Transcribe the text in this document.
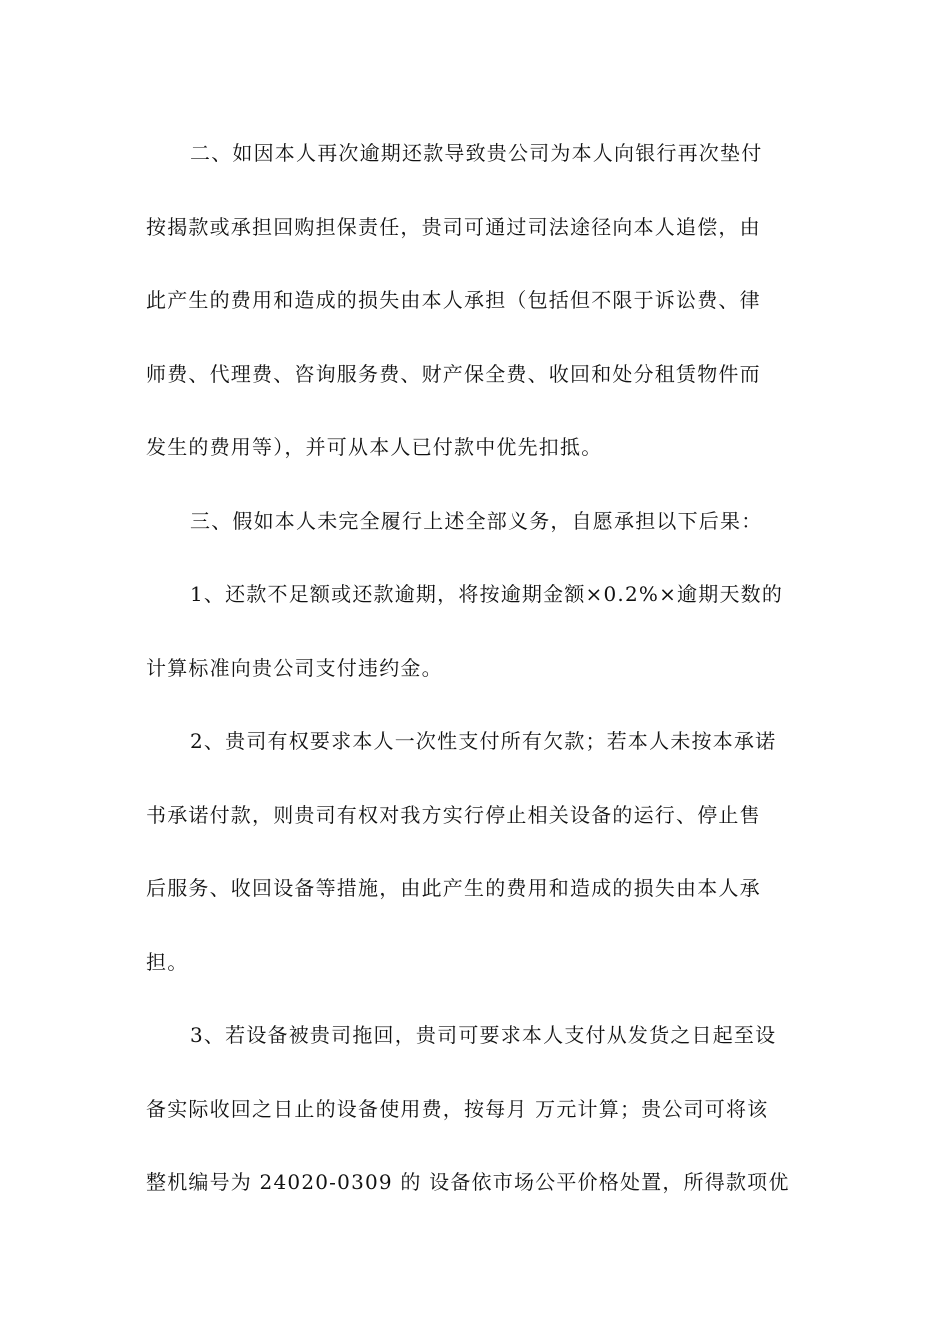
二、如因本人再次逾期还款导致贵公司为本人向银行再次垫付
按揭款或承担回购担保责任，贵司可通过司法途径向本人追偿，由
此产生的费用和造成的损失由本人承担（包括但不限于诉讼费、律
师费、代理费、咨询服务费、财产保全费、收回和处分租赁物件而
发生的费用等），并可从本人已付款中优先扣抵。
三、假如本人未完全履行上述全部义务，自愿承担以下后果：
1、还款不足额或还款逾期，将按逾期金额×0.2%×逾期天数的
计算标准向贵公司支付违约金。
2、贵司有权要求本人一次性支付所有欠款；若本人未按本承诺
书承诺付款，则贵司有权对我方实行停止相关设备的运行、停止售
后服务、收回设备等措施，由此产生的费用和造成的损失由本人承
担。
3、若设备被贵司拖回，贵司可要求本人支付从发货之日起至设
备实际收回之日止的设备使用费，按每月 万元计算；贵公司可将该
整机编号为 24020-0309 的 设备依市场公平价格处置，所得款项优
